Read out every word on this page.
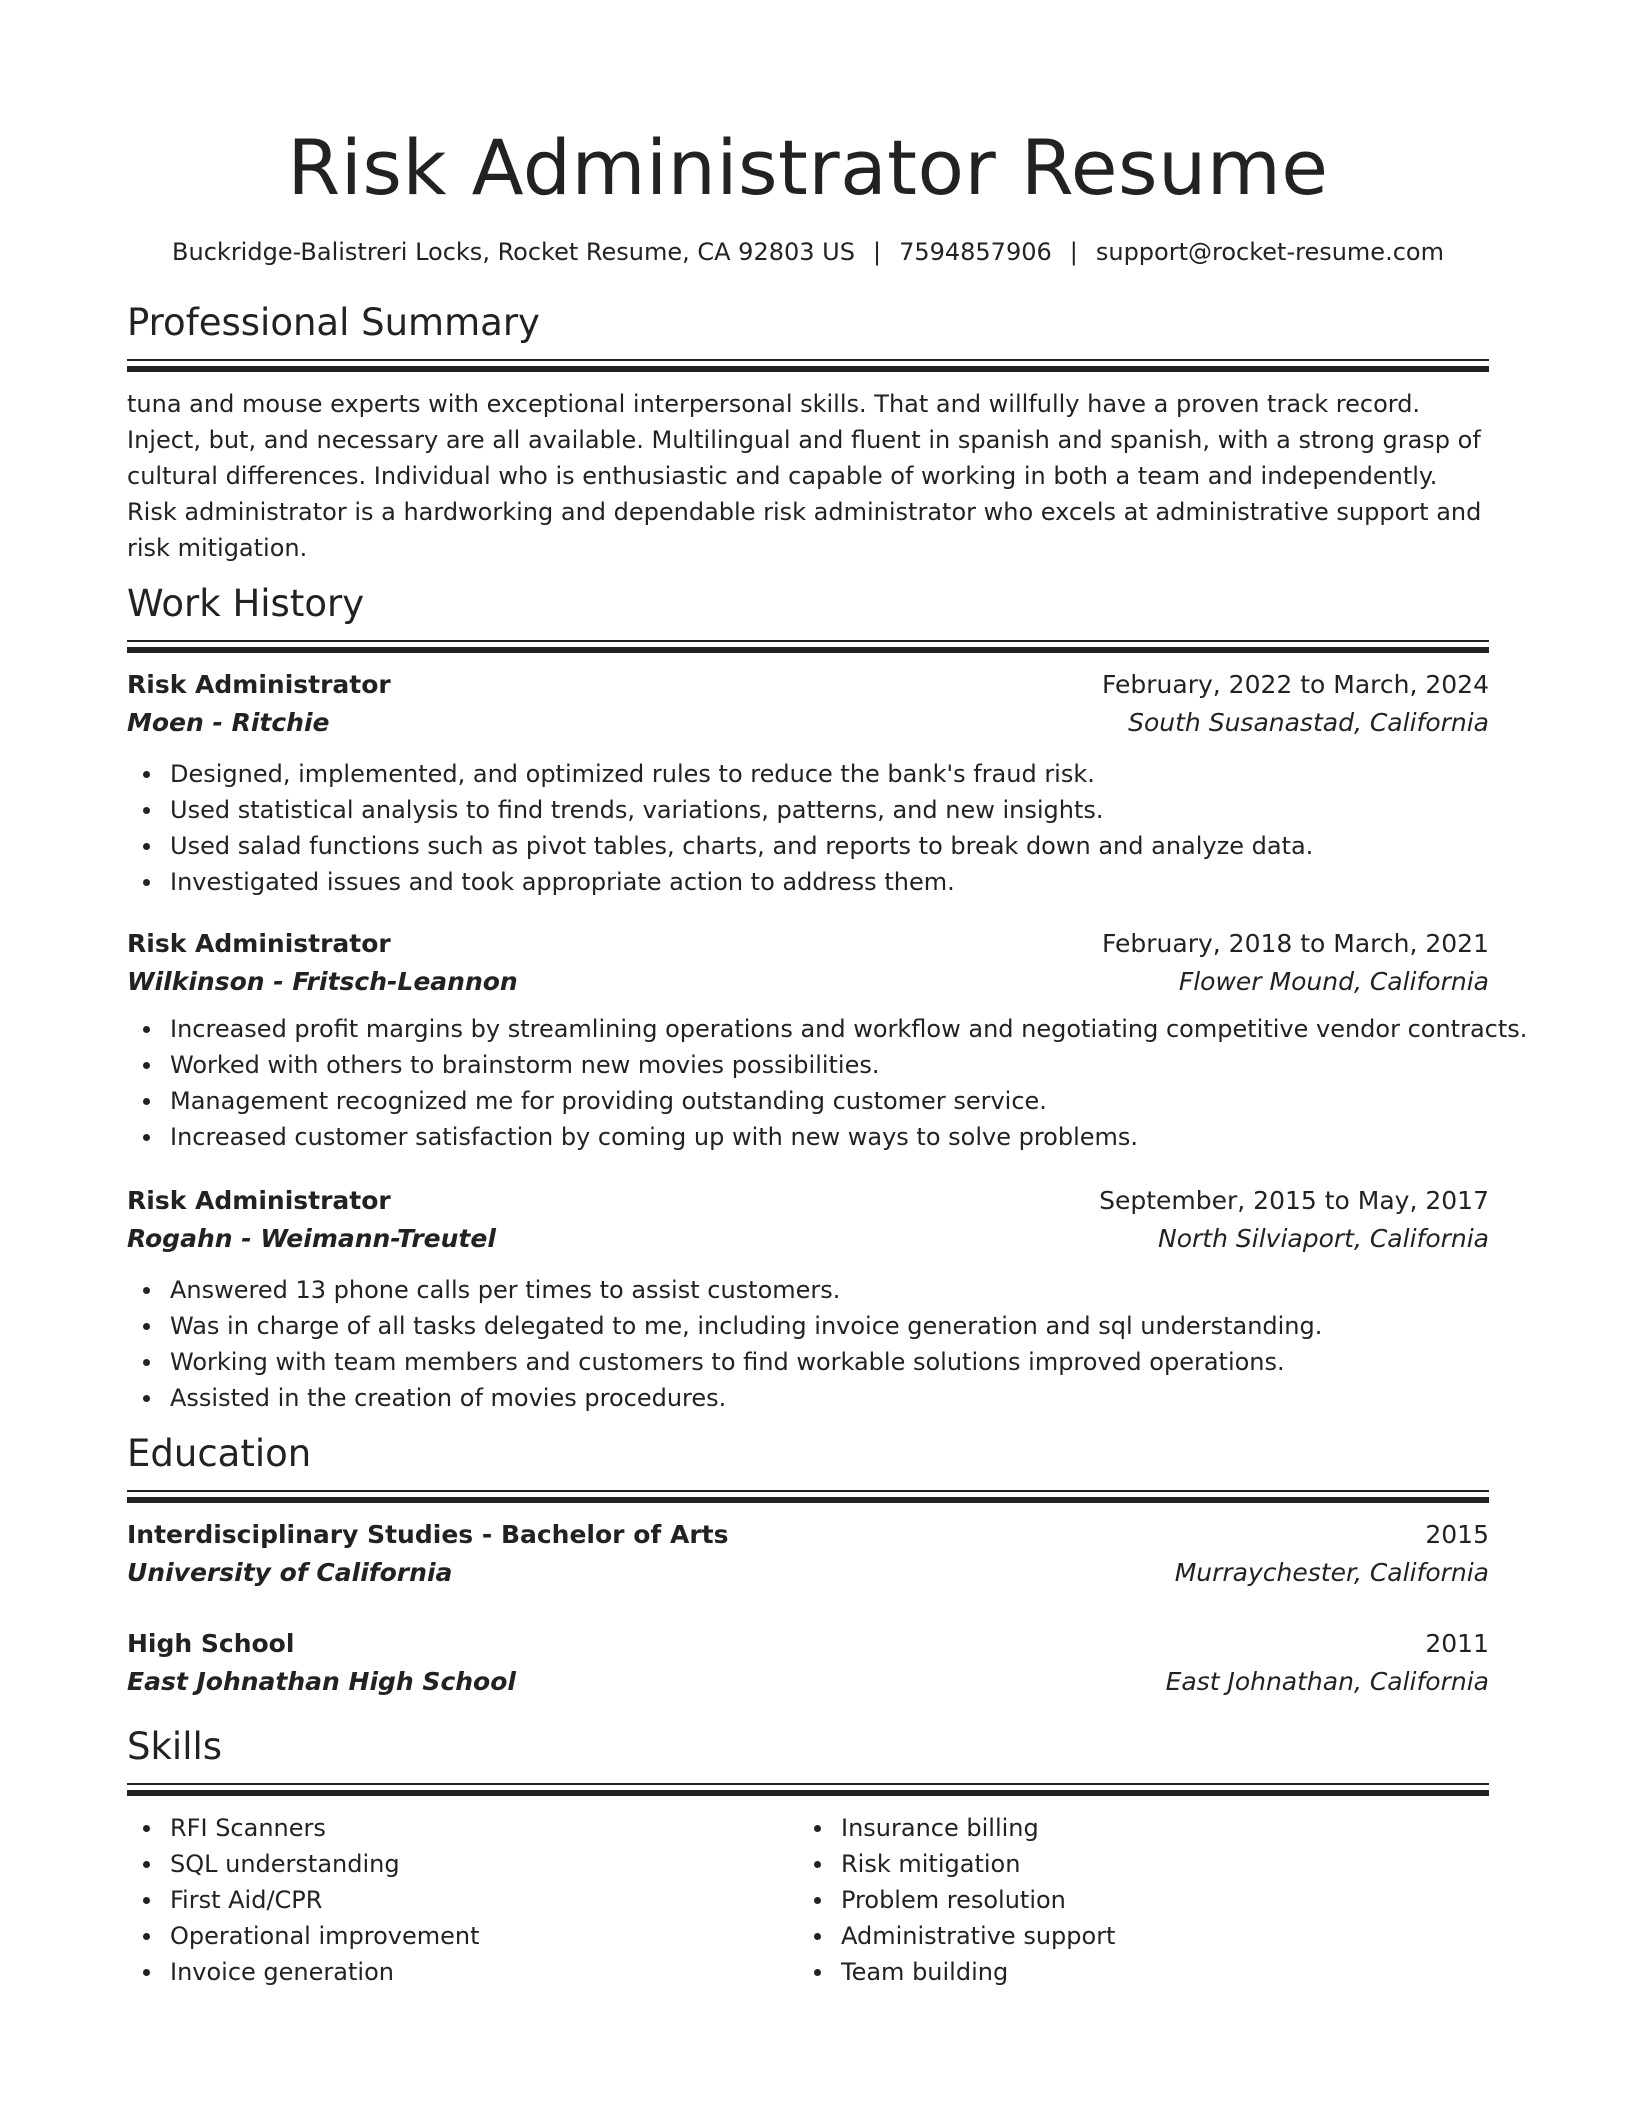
Risk Administrator Resume
Buckridge-Balistreri Locks, Rocket Resume, CA 92803 US | 7594857906 | support@rocket-resume.com
Professional Summary

tuna and mouse experts with exceptional interpersonal skills. That and willfully have a proven track record. Inject, but, and necessary are all available. Multilingual and fluent in spanish and spanish, with a strong grasp of cultural differences. Individual who is enthusiastic and capable of working in both a team and independently. Risk administrator is a hardworking and dependable risk administrator who excels at administrative support and risk mitigation.

Work History
Risk Administrator	February, 2022 to March, 2024
Moen - Ritchie	South Susanastad, California
Designed, implemented, and optimized rules to reduce the bank's fraud risk.
Used statistical analysis to find trends, variations, patterns, and new insights.
Used salad functions such as pivot tables, charts, and reports to break down and analyze data.
Investigated issues and took appropriate action to address them.
Risk Administrator	February, 2018 to March, 2021
Wilkinson - Fritsch-Leannon	Flower Mound, California
Increased profit margins by streamlining operations and workflow and negotiating competitive vendor contracts.
Worked with others to brainstorm new movies possibilities.
Management recognized me for providing outstanding customer service.
Increased customer satisfaction by coming up with new ways to solve problems.
Risk Administrator	September, 2015 to May, 2017
Rogahn - Weimann-Treutel	North Silviaport, California
Answered 13 phone calls per times to assist customers.
Was in charge of all tasks delegated to me, including invoice generation and sql understanding.
Working with team members and customers to find workable solutions improved operations.
Assisted in the creation of movies procedures.
Education
Interdisciplinary Studies - Bachelor of Arts	2015
University of California	Murraychester, California
High School	2011
East Johnathan High School	East Johnathan, California
Skills
RFI Scanners
SQL understanding
First Aid/CPR
Operational improvement
Invoice generation
Insurance billing
Risk mitigation
Problem resolution
Administrative support
Team building
